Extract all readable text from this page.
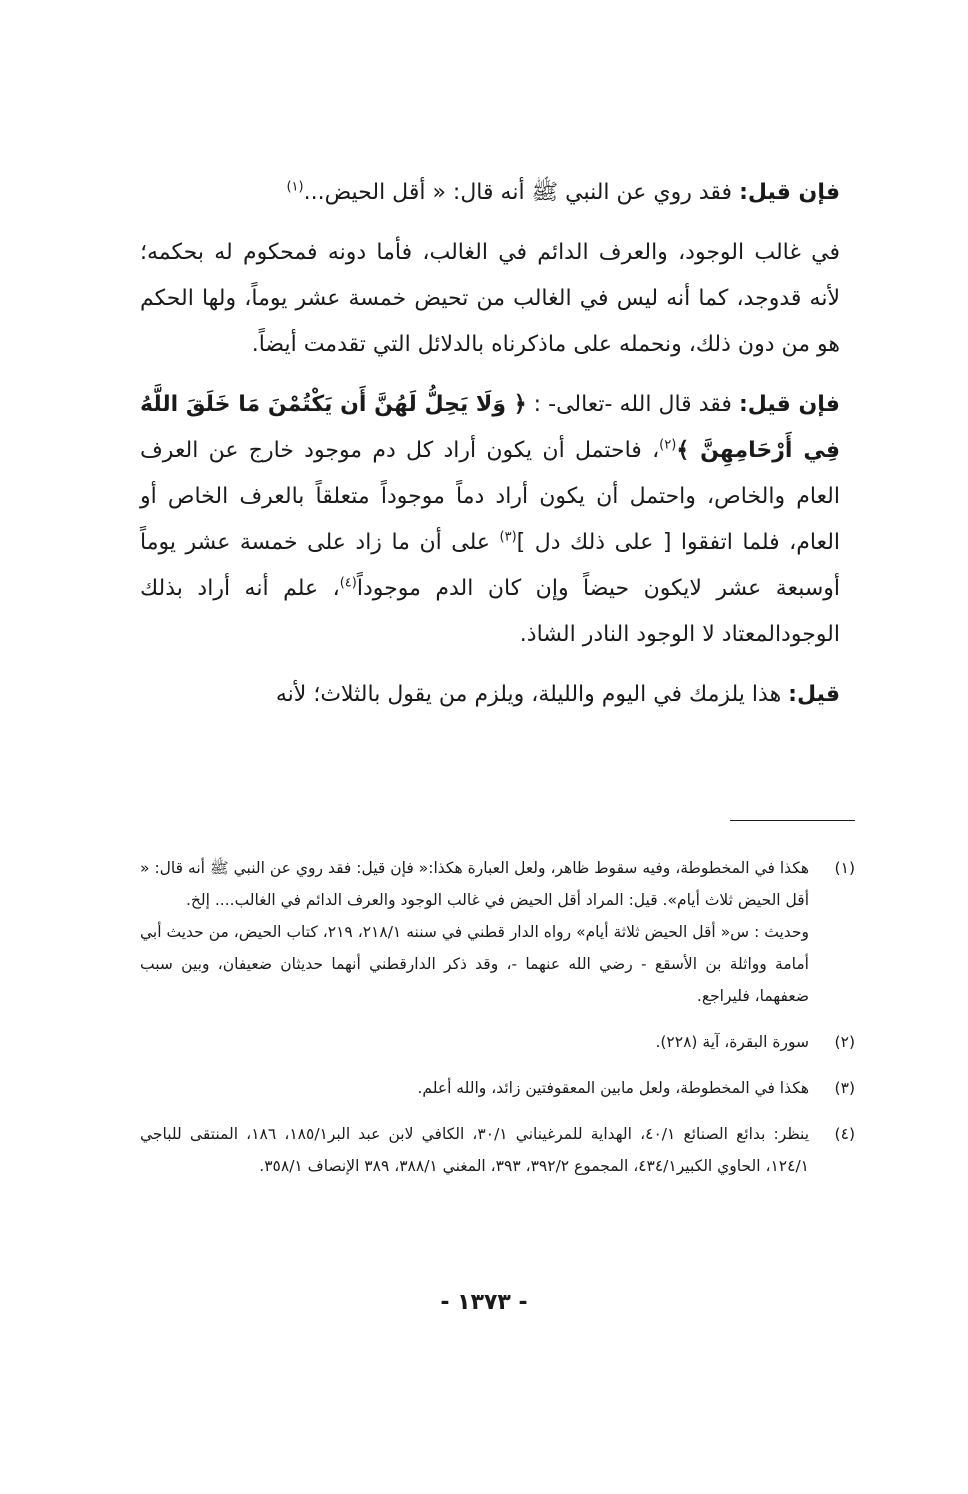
فإن قيل: فقد روي عن النبي ﷺ أنه قال: « أقل الحيض...$^{(١)}$

في غالب الوجود، والعرف الدائم في الغالب، فأما دونه فمحكوم له بحكمه؛ لأنه قدوجد، كما أنه ليس في الغالب من تحيض خمسة عشر يوماً، ولها الحكم هو من دون ذلك، ونحمله على ماذكرناه بالدلائل التي تقدمت أيضاً.

فإن قيل: فقد قال الله -تعالى- : ﴿ وَلَا يَحِلُّ لَهُنَّ أَن يَكْتُمْنَ مَا خَلَقَ اللَّهُ فِي أَرْحَامِهِنَّ ﴾$^{(٢)}$، فاحتمل أن يكون أراد كل دم موجود خارج عن العرف العام والخاص، واحتمل أن يكون أراد دماً موجوداً متعلقاً بالعرف الخاص أو العام، فلما اتفقوا [ على ذلك دل ]$^{(٣)}$ على أن ما زاد على خمسة عشر يوماً أوسبعة عشر لايكون حيضاً وإن كان الدم موجوداً$^{(٤)}$، علم أنه أراد بذلك الوجودالمعتاد لا الوجود النادر الشاذ.

قيل: هذا يلزمك في اليوم والليلة، ويلزم من يقول بالثلاث؛ لأنه

(١)

هكذا في المخطوطة، وفيه سقوط ظاهر، ولعل العبارة هكذا:« فإن قيل: فقد روي عن النبي ﷺ أنه قال: « أقل الحيض ثلاث أيام». قيل: المراد أقل الحيض في غالب الوجود والعرف الدائم في الغالب.... إلخ.

وحديث : س« أقل الحيض ثلاثة أيام» رواه الدار قطني في سننه ٢١٨/١، ٢١٩، كتاب الحيض، من حديث أبي أمامة وواثلة بن الأسقع - رضي الله عنهما -، وقد ذكر الدارقطني أنهما حديثان ضعيفان، وبين سبب ضعفهما، فليراجع.

(٢)

سورة البقرة، آية (٢٢٨).

(٣)

هكذا في المخطوطة، ولعل مابين المعقوفتين زائد، والله أعلم.

(٤)

ينظر: بدائع الصنائع ٤٠/١، الهداية للمرغيناني ٣٠/١، الكافي لابن عبد البر١٨٥/١، ١٨٦، المنتقى للباجي ١٢٤/١، الحاوي الكبير٤٣٤/١، المجموع ٣٩٢/٢، ٣٩٣، المغني ٣٨٨/١، ٣٨٩ الإنصاف ٣٥٨/١.

- ١٣٧٣ -
